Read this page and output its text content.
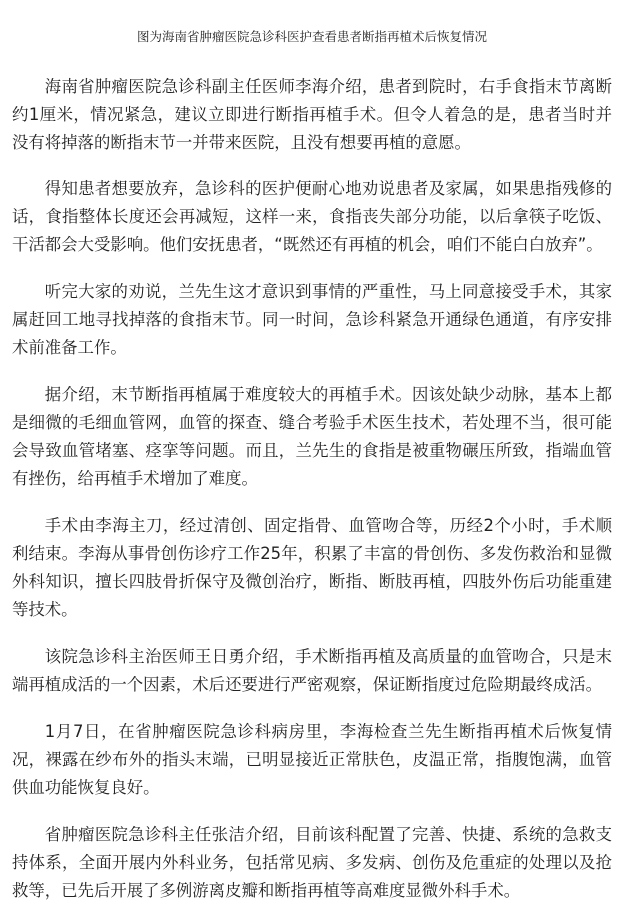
图为海南省肿瘤医院急诊科医护查看患者断指再植术后恢复情况

海南省肿瘤医院急诊科副主任医师李海介绍，患者到院时，右手食指末节离断约1厘米，情况紧急，建议立即进行断指再植手术。但令人着急的是，患者当时并没有将掉落的断指末节一并带来医院，且没有想要再植的意愿。

得知患者想要放弃，急诊科的医护便耐心地劝说患者及家属，如果患指残修的话，食指整体长度还会再减短，这样一来，食指丧失部分功能，以后拿筷子吃饭、干活都会大受影响。他们安抚患者，“既然还有再植的机会，咱们不能白白放弃”。

听完大家的劝说，兰先生这才意识到事情的严重性，马上同意接受手术，其家属赶回工地寻找掉落的食指末节。同一时间，急诊科紧急开通绿色通道，有序安排术前准备工作。

据介绍，末节断指再植属于难度较大的再植手术。因该处缺少动脉，基本上都是细微的毛细血管网，血管的探查、缝合考验手术医生技术，若处理不当，很可能会导致血管堵塞、痉挛等问题。而且，兰先生的食指是被重物碾压所致，指端血管有挫伤，给再植手术增加了难度。

手术由李海主刀，经过清创、固定指骨、血管吻合等，历经2个小时，手术顺利结束。李海从事骨创伤诊疗工作25年，积累了丰富的骨创伤、多发伤救治和显微外科知识，擅长四肢骨折保守及微创治疗，断指、断肢再植，四肢外伤后功能重建等技术。

该院急诊科主治医师王日勇介绍，手术断指再植及高质量的血管吻合，只是末端再植成活的一个因素，术后还要进行严密观察，保证断指度过危险期最终成活。

1月7日，在省肿瘤医院急诊科病房里，李海检查兰先生断指再植术后恢复情况，裸露在纱布外的指头末端，已明显接近正常肤色，皮温正常，指腹饱满，血管供血功能恢复良好。

省肿瘤医院急诊科主任张洁介绍，目前该科配置了完善、快捷、系统的急救支持体系，全面开展内外科业务，包括常见病、多发病、创伤及危重症的处理以及抢救等，已先后开展了多例游离皮瓣和断指再植等高难度显微外科手术。
